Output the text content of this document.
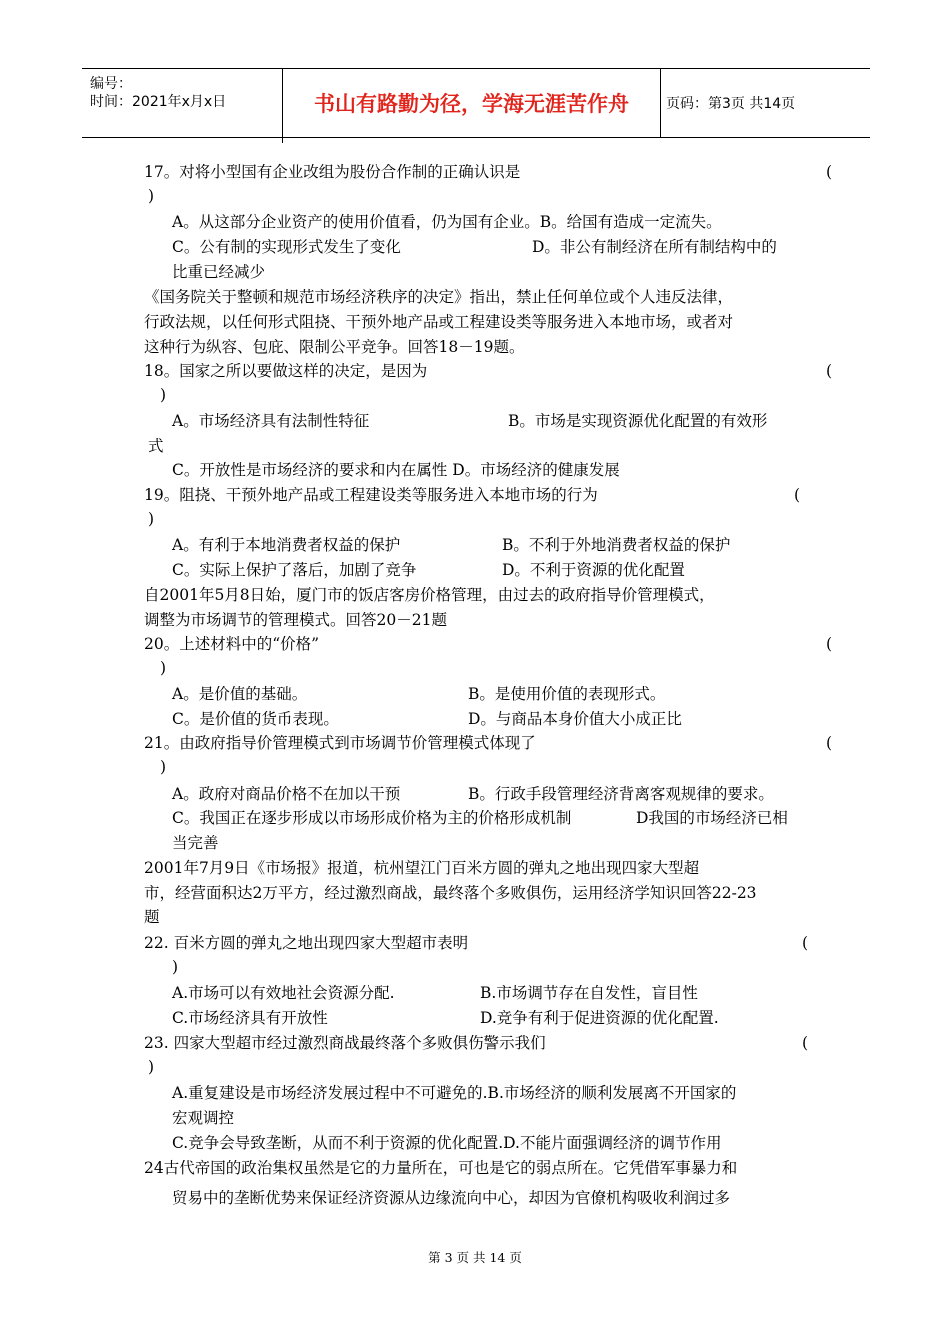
编号：
时间：2021年x月x日	书山有路勤为径，学海无涯苦作舟	页码：第3页 共14页
17。对将小型国有企业改组为股份合作制的正确认识是	(
)
A。从这部分企业资产的使用价值看，仍为国有企业。B。给国有造成一定流失。
C。公有制的实现形式发生了变化	D。非公有制经济在所有制结构中的
比重已经减少
《国务院关于整顿和规范市场经济秩序的决定》指出，禁止任何单位或个人违反法律，
行政法规，以任何形式阻挠、干预外地产品或工程建设类等服务进入本地市场，或者对
这种行为纵容、包庇、限制公平竞争。回答18－19题。
18。国家之所以要做这样的决定，是因为	(
)
A。市场经济具有法制性特征	B。市场是实现资源优化配置的有效形
式
C。开放性是市场经济的要求和内在属性 D。市场经济的健康发展
19。阻挠、干预外地产品或工程建设类等服务进入本地市场的行为	(
)
A。有利于本地消费者权益的保护	B。不利于外地消费者权益的保护
C。实际上保护了落后，加剧了竞争	D。不利于资源的优化配置
自2001年5月8日始，厦门市的饭店客房价格管理，由过去的政府指导价管理模式，
调整为市场调节的管理模式。回答20－21题
20。上述材料中的“价格”	(
)
A。是价值的基础。	B。是使用价值的表现形式。
C。是价值的货币表现。	D。与商品本身价值大小成正比
21。由政府指导价管理模式到市场调节价管理模式体现了	(
)
A。政府对商品价格不在加以干预	B。行政手段管理经济背离客观规律的要求。
C。我国正在逐步形成以市场形成价格为主的价格形成机制	D我国的市场经济已相
当完善
2001年7月9日《市场报》报道，杭州望江门百米方圆的弹丸之地出现四家大型超
市，经营面积达2万平方，经过激烈商战，最终落个多败俱伤，运用经济学知识回答22-23
题
22. 百米方圆的弹丸之地出现四家大型超市表明	(
)
A.市场可以有效地社会资源分配.	B.市场调节存在自发性，盲目性
C.市场经济具有开放性	D.竞争有利于促进资源的优化配置.
23. 四家大型超市经过激烈商战最终落个多败俱伤警示我们	(
)
A.重复建设是市场经济发展过程中不可避免的.B.市场经济的顺利发展离不开国家的
宏观调控
C.竞争会导致垄断，从而不利于资源的优化配置.D.不能片面强调经济的调节作用
24古代帝国的政治集权虽然是它的力量所在，可也是它的弱点所在。它凭借军事暴力和
贸易中的垄断优势来保证经济资源从边缘流向中心，却因为官僚机构吸收利润过多
第 3 页 共 14 页
